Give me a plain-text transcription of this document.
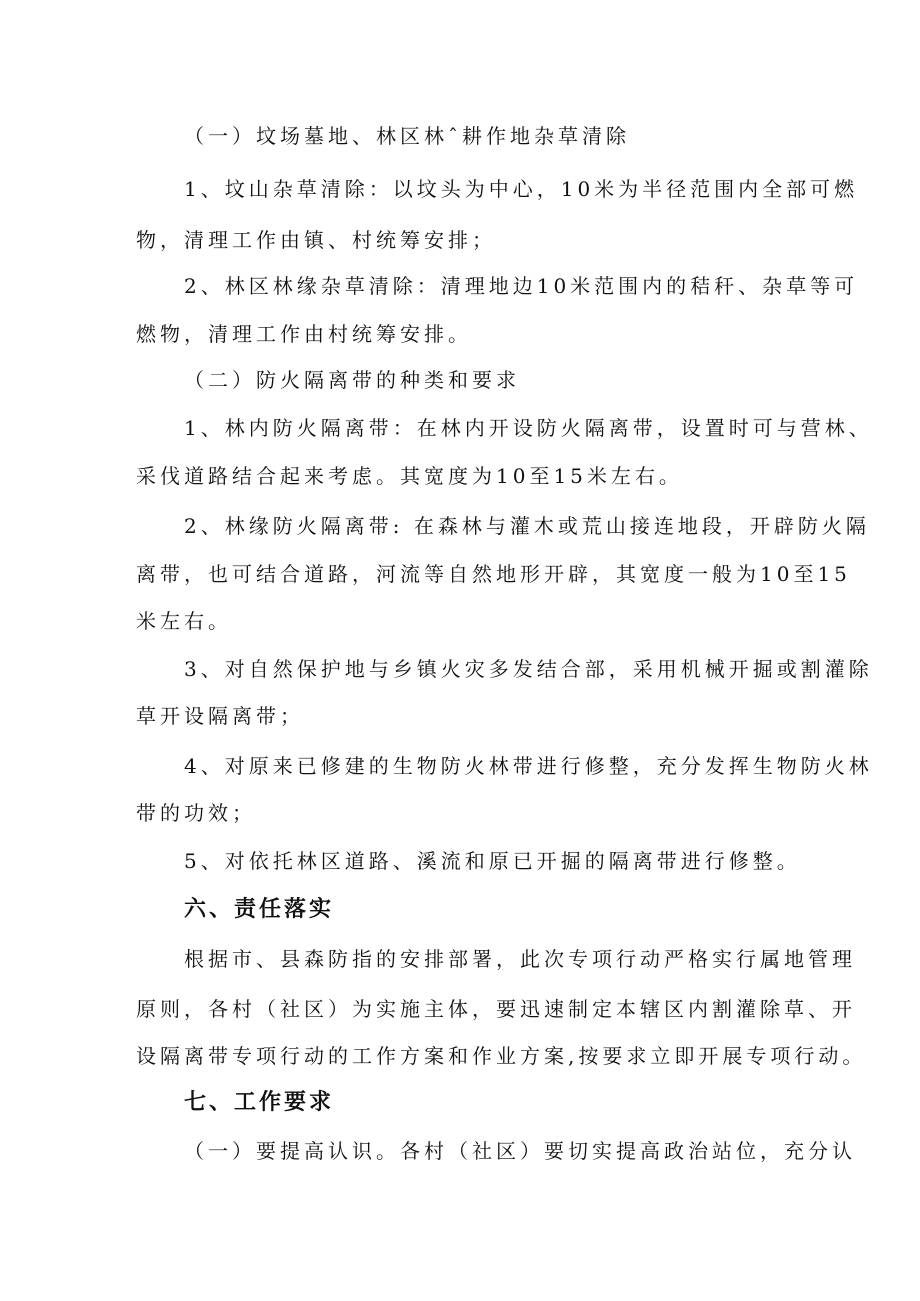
（一）坟场墓地、林区林ˆ耕作地杂草清除
1、坟山杂草清除：以坟头为中心，10米为半径范围内全部可燃
物，清理工作由镇、村统筹安排；
2、林区林缘杂草清除：清理地边10米范围内的秸秆、杂草等可
燃物，清理工作由村统筹安排。
（二）防火隔离带的种类和要求
1、林内防火隔离带：在林内开设防火隔离带，设置时可与营林、
采伐道路结合起来考虑。其宽度为10至15米左右。
2、林缘防火隔离带: 在森林与灌木或荒山接连地段，开辟防火隔
离带，也可结合道路，河流等自然地形开辟，其宽度一般为10至15
米左右。
3、对自然保护地与乡镇火灾多发结合部，采用机械开掘或割灌除
草开设隔离带；
4、对原来已修建的生物防火林带进行修整，充分发挥生物防火林
带的功效；
5、对依托林区道路、溪流和原已开掘的隔离带进行修整。
六、责任落实
根据市、县森防指的安排部署，此次专项行动严格实行属地管理
原则，各村（社区）为实施主体，要迅速制定本辖区内割灌除草、开
设隔离带专项行动的工作方案和作业方案,按要求立即开展专项行动。
七、工作要求
（一）要提高认识。各村（社区）要切实提高政治站位，充分认
